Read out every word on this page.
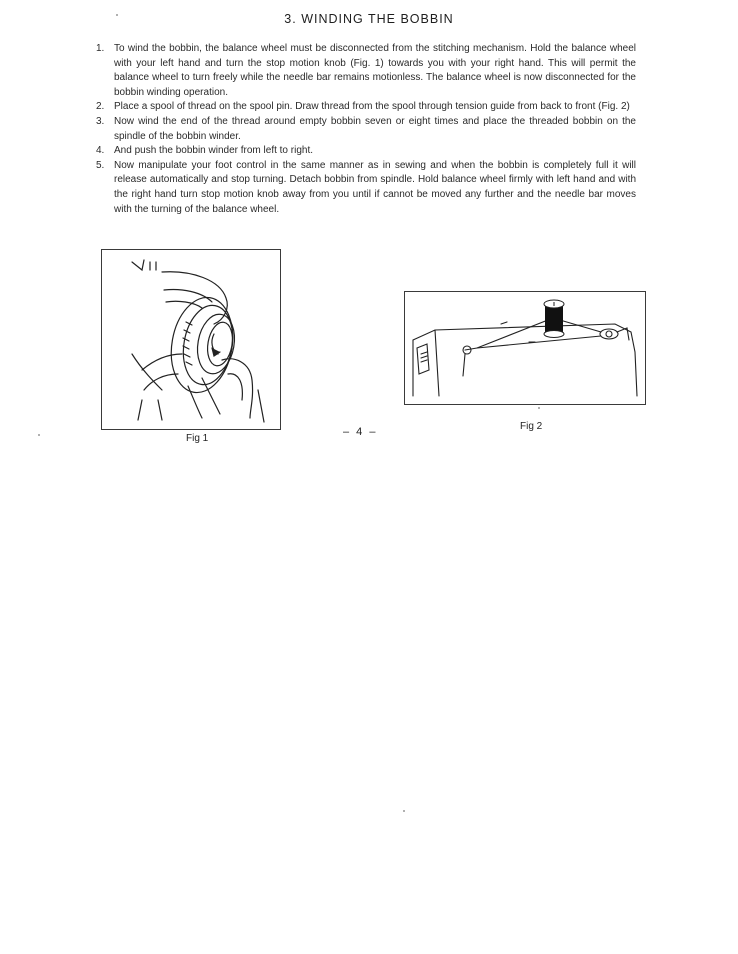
3. WINDING THE BOBBIN
1. To wind the bobbin, the balance wheel must be disconnected from the stitching mechanism. Hold the balance wheel with your left hand and turn the stop motion knob (Fig. 1) towards you with your right hand. This will permit the balance wheel to turn freely while the needle bar remains motionless. The balance wheel is now disconnected for the bobbin winding operation.
2. Place a spool of thread on the spool pin. Draw thread from the spool through tension guide from back to front (Fig. 2)
3. Now wind the end of the thread around empty bobbin seven or eight times and place the threaded bobbin on the spindle of the bobbin winder.
4. And push the bobbin winder from left to right.
5. Now manipulate your foot control in the same manner as in sewing and when the bobbin is completely full it will release automatically and stop turning. Detach bobbin from spindle. Hold balance wheel firmly with left hand and with the right hand turn stop motion knob away from you until if cannot be moved any further and the needle bar moves with the turning of the balance wheel.
Fig 1
– 4 –	Fig 2
